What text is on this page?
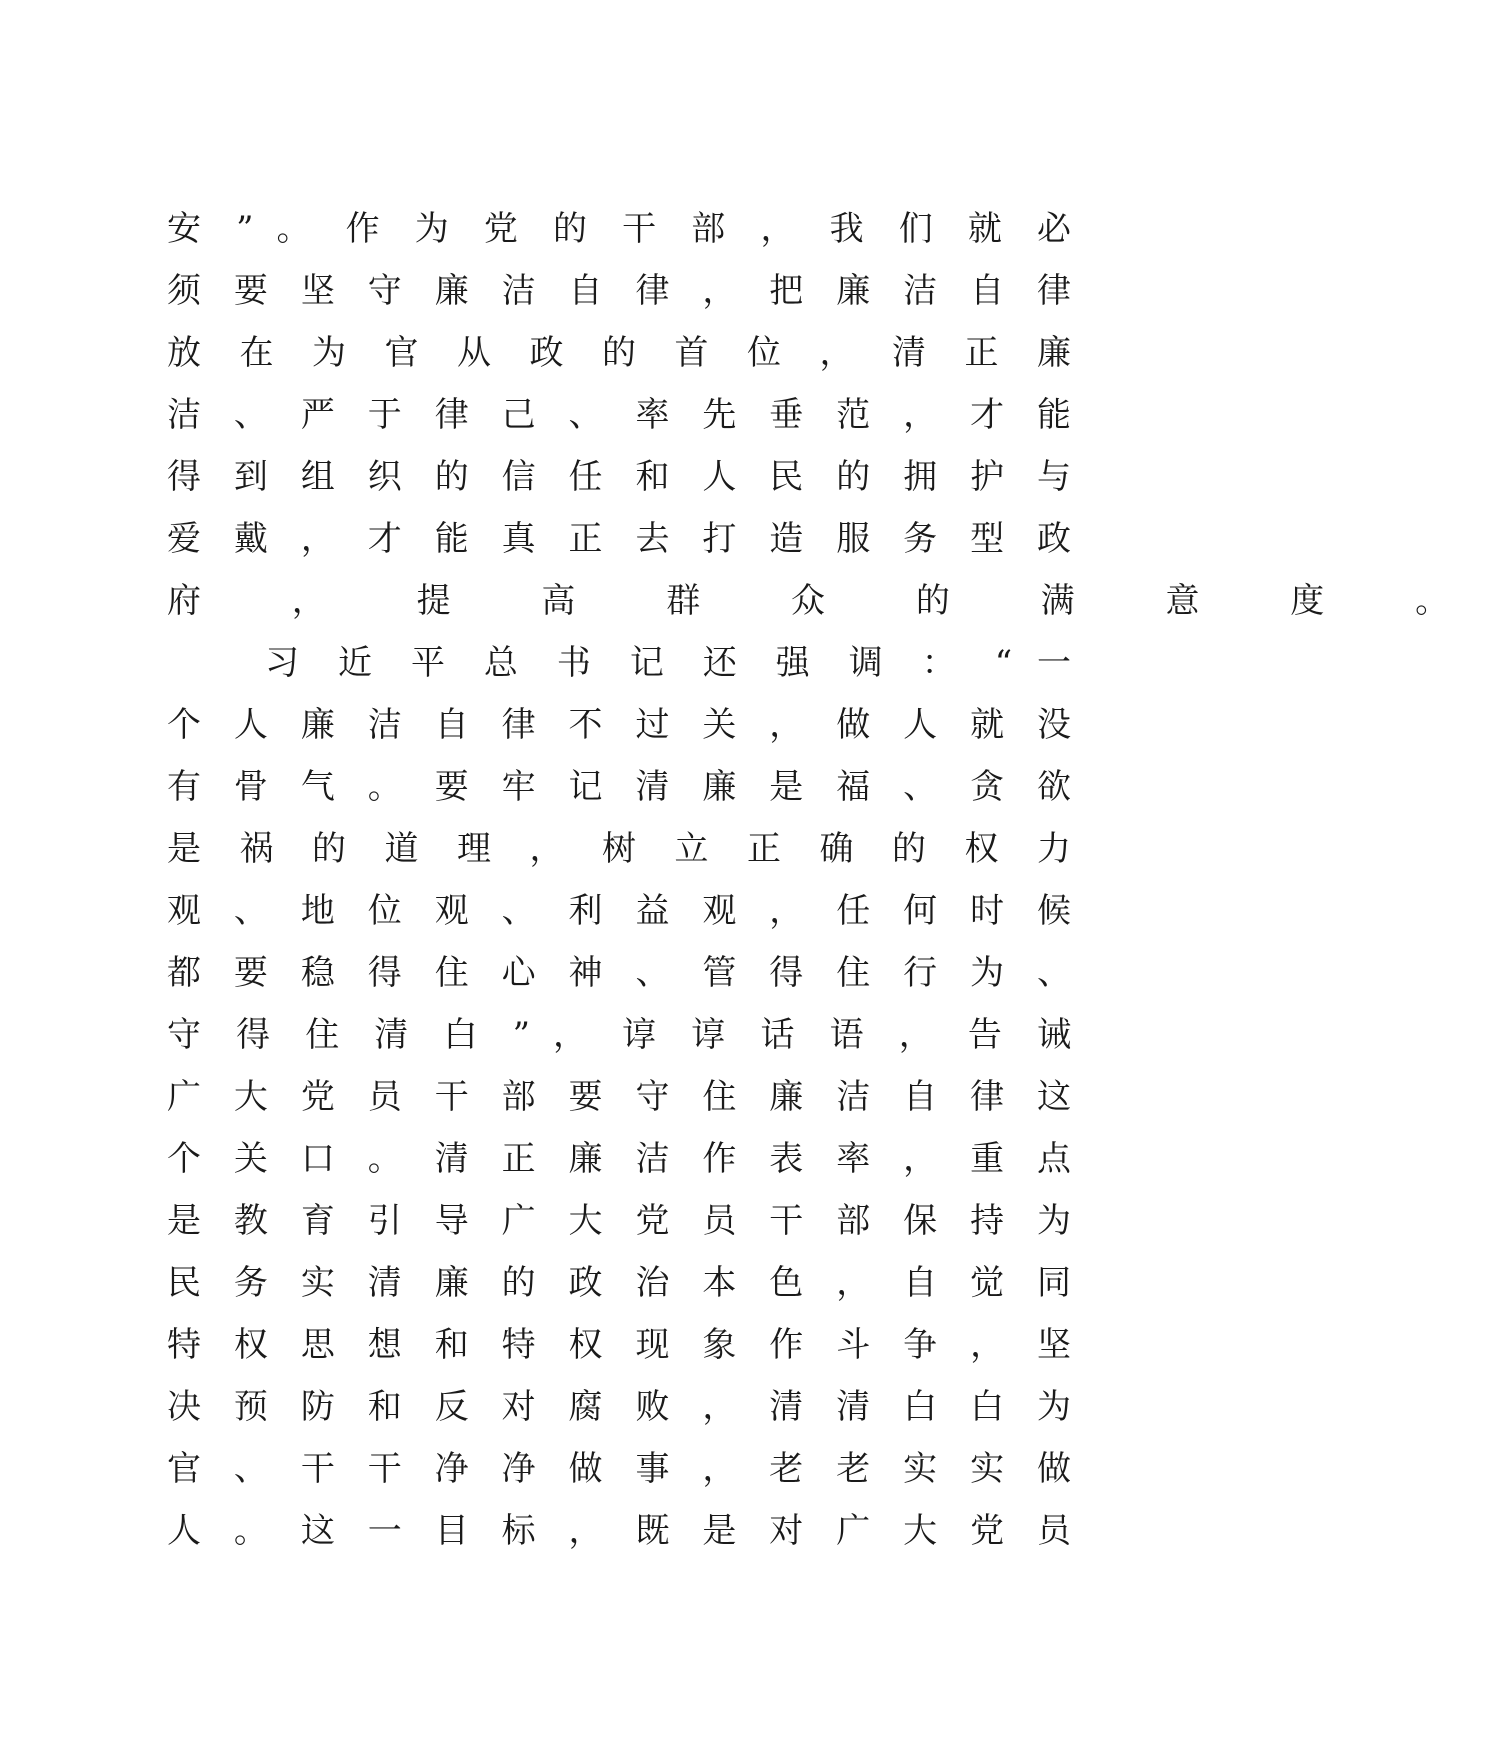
安 ” 。 作 为 党 的 干 部 ， 我 们 就 必
须 要 坚 守 廉 洁 自 律 ， 把 廉 洁 自 律
放 在 为 官 从 政 的 首 位 ， 清 正 廉
洁 、 严 于 律 己 、 率 先 垂 范 ， 才 能
得 到 组 织 的 信 任 和 人 民 的 拥 护 与
爱 戴 ， 才 能 真 正 去 打 造 服 务 型 政
府 ， 提 高 群 众 的 满 意 度 。
习 近 平 总 书 记 还 强 调 ： “ 一
个 人 廉 洁 自 律 不 过 关 ， 做 人 就 没
有 骨 气 。 要 牢 记 清 廉 是 福 、 贪 欲
是 祸 的 道 理 ， 树 立 正 确 的 权 力
观 、 地 位 观 、 利 益 观 ， 任 何 时 候
都 要 稳 得 住 心 神 、 管 得 住 行 为 、
守 得 住 清 白 ” ， 谆 谆 话 语 ， 告 诫
广 大 党 员 干 部 要 守 住 廉 洁 自 律 这
个 关 口 。 清 正 廉 洁 作 表 率 ， 重 点
是 教 育 引 导 广 大 党 员 干 部 保 持 为
民 务 实 清 廉 的 政 治 本 色 ， 自 觉 同
特 权 思 想 和 特 权 现 象 作 斗 争 ， 坚
决 预 防 和 反 对 腐 败 ， 清 清 白 白 为
官 、 干 干 净 净 做 事 ， 老 老 实 实 做
人 。 这 一 目 标 ， 既 是 对 广 大 党 员
